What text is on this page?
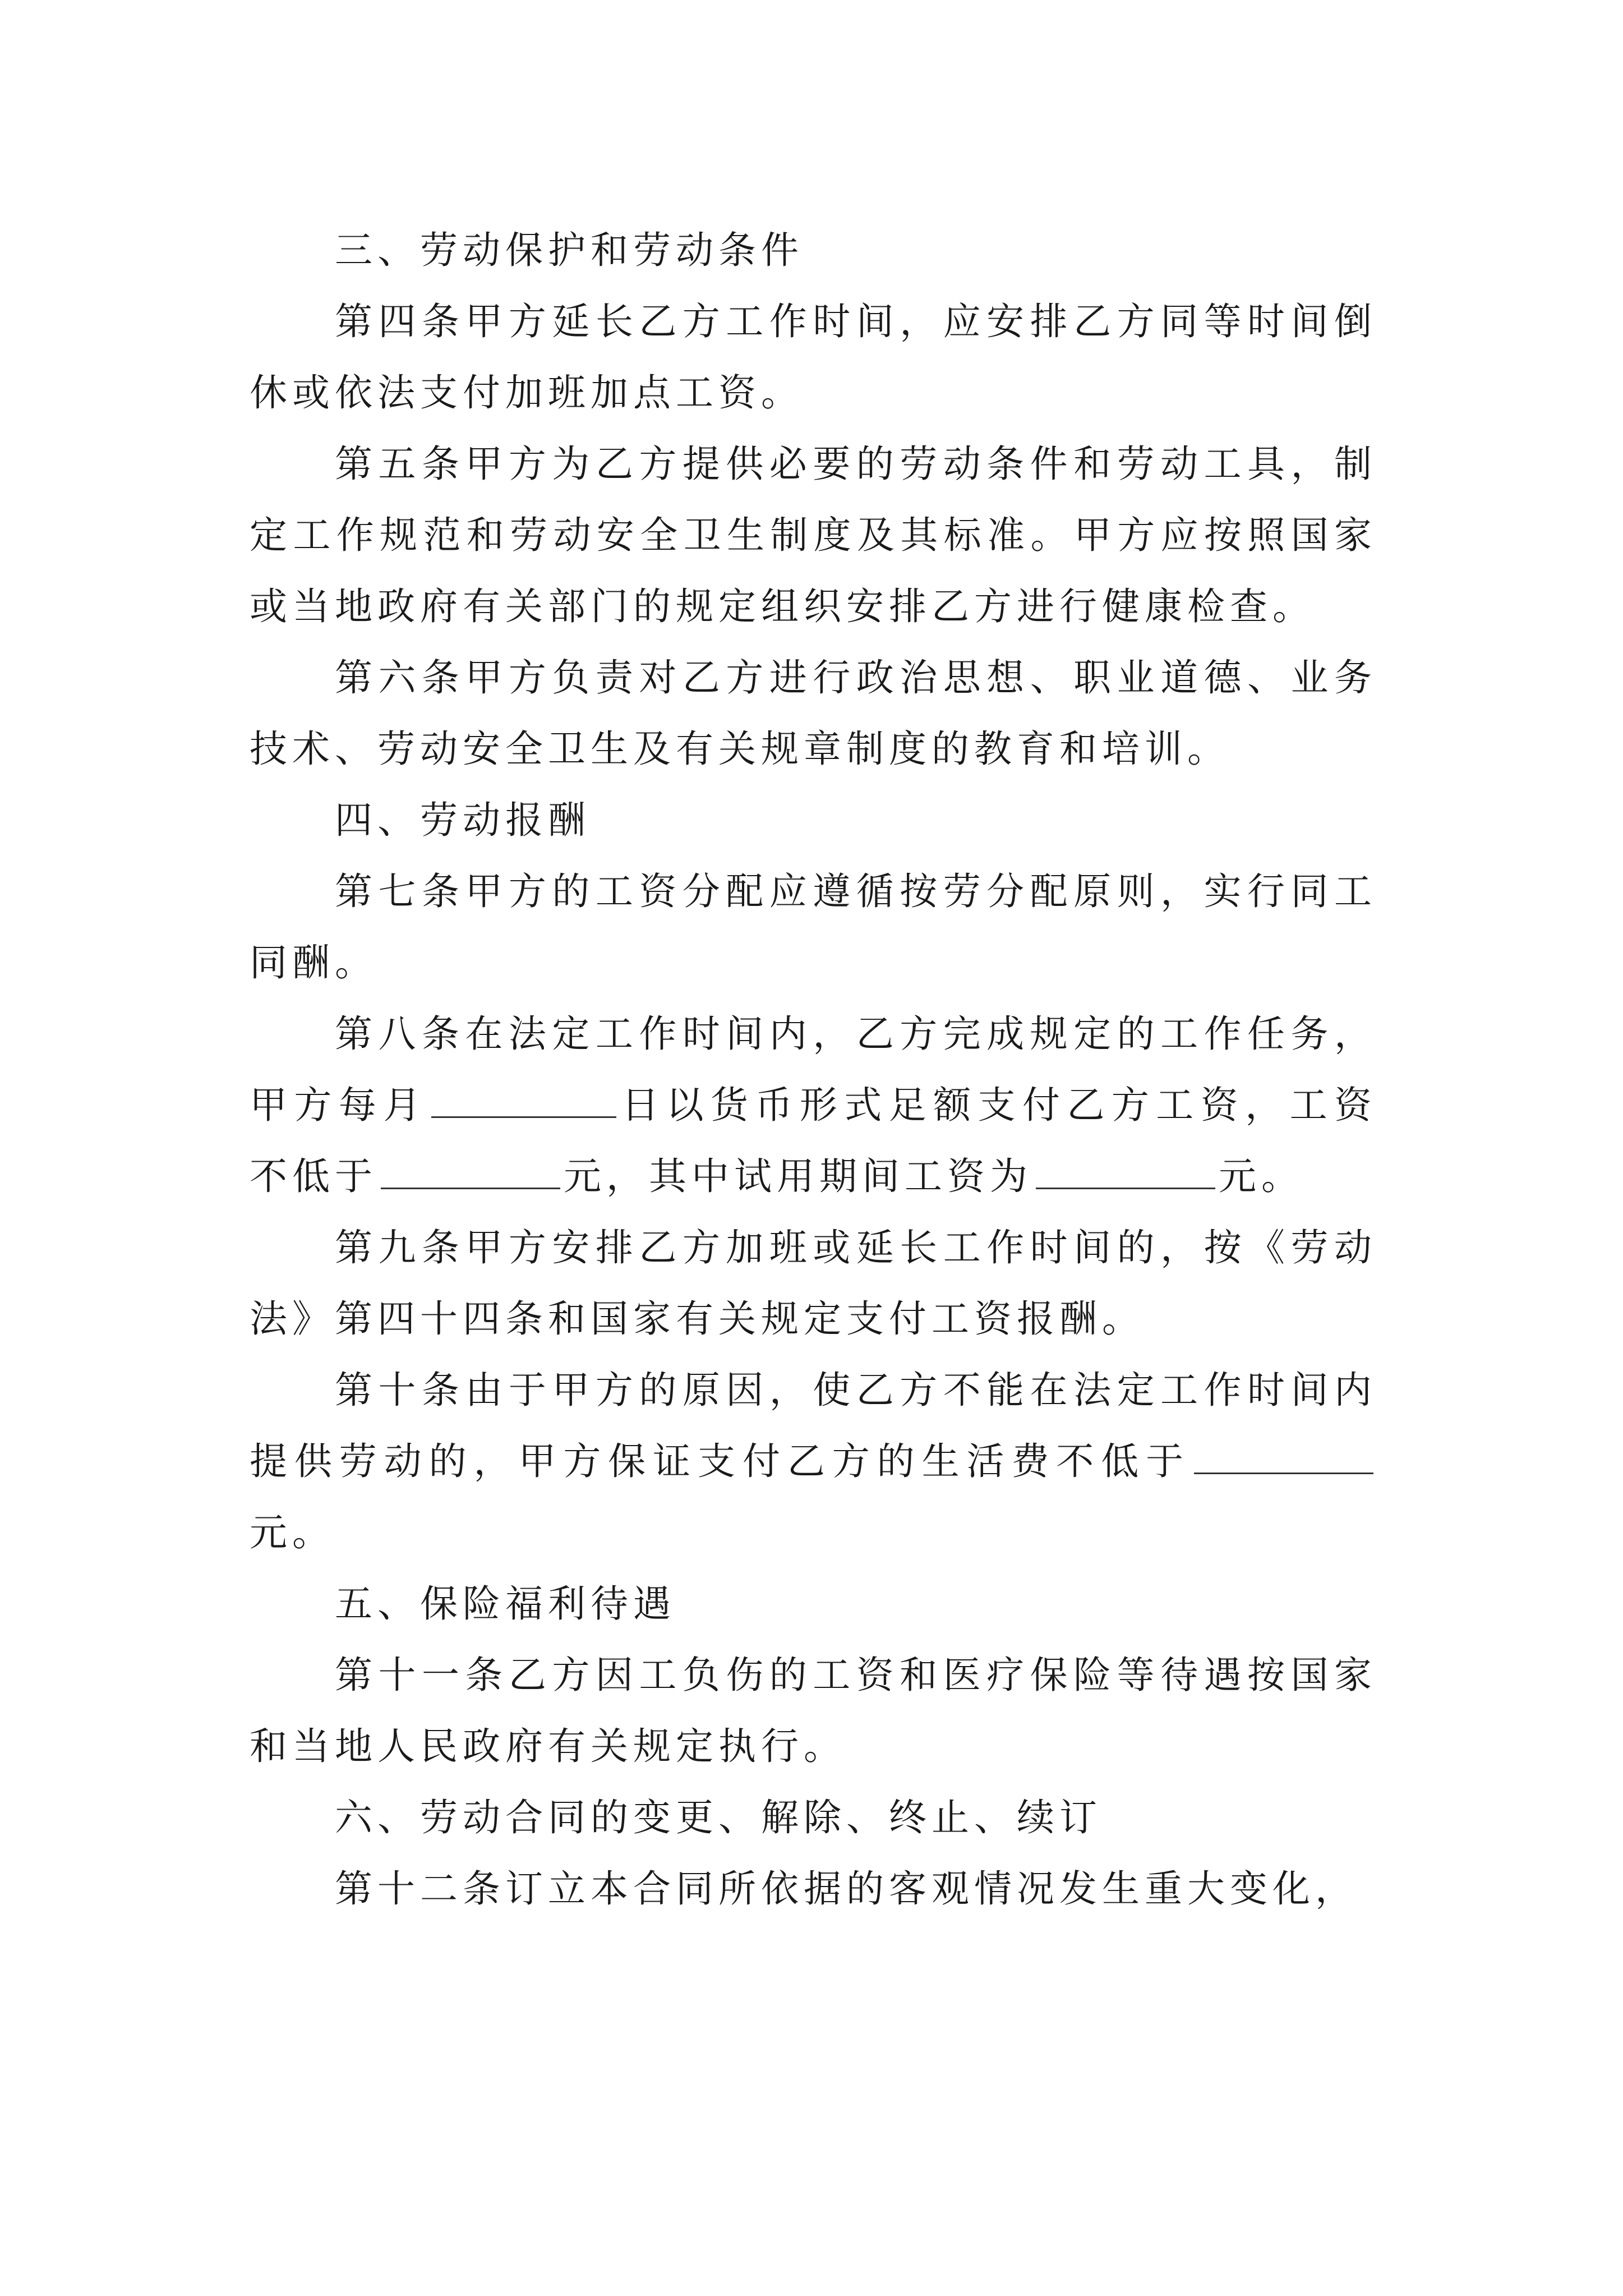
三、劳动保护和劳动条件

第四条甲方延长乙方工作时间，应安排乙方同等时间倒休或依法支付加班加点工资。

第五条甲方为乙方提供必要的劳动条件和劳动工具，制定工作规范和劳动安全卫生制度及其标准。甲方应按照国家或当地政府有关部门的规定组织安排乙方进行健康检查。

第六条甲方负责对乙方进行政治思想、职业道德、业务技术、劳动安全卫生及有关规章制度的教育和培训。

四、劳动报酬

第七条甲方的工资分配应遵循按劳分配原则，实行同工同酬。

第八条在法定工作时间内，乙方完成规定的工作任务，甲方每月	日以货币形式足额支付乙方工资，工资不低于	元，其中试用期间工资为	元。

第九条甲方安排乙方加班或延长工作时间的，按《劳动法》第四十四条和国家有关规定支付工资报酬。

第十条由于甲方的原因，使乙方不能在法定工作时间内提供劳动的，甲方保证支付乙方的生活费不低于元。

五、保险福利待遇

第十一条乙方因工负伤的工资和医疗保险等待遇按国家和当地人民政府有关规定执行。

六、劳动合同的变更、解除、终止、续订

第十二条订立本合同所依据的客观情况发生重大变化，
